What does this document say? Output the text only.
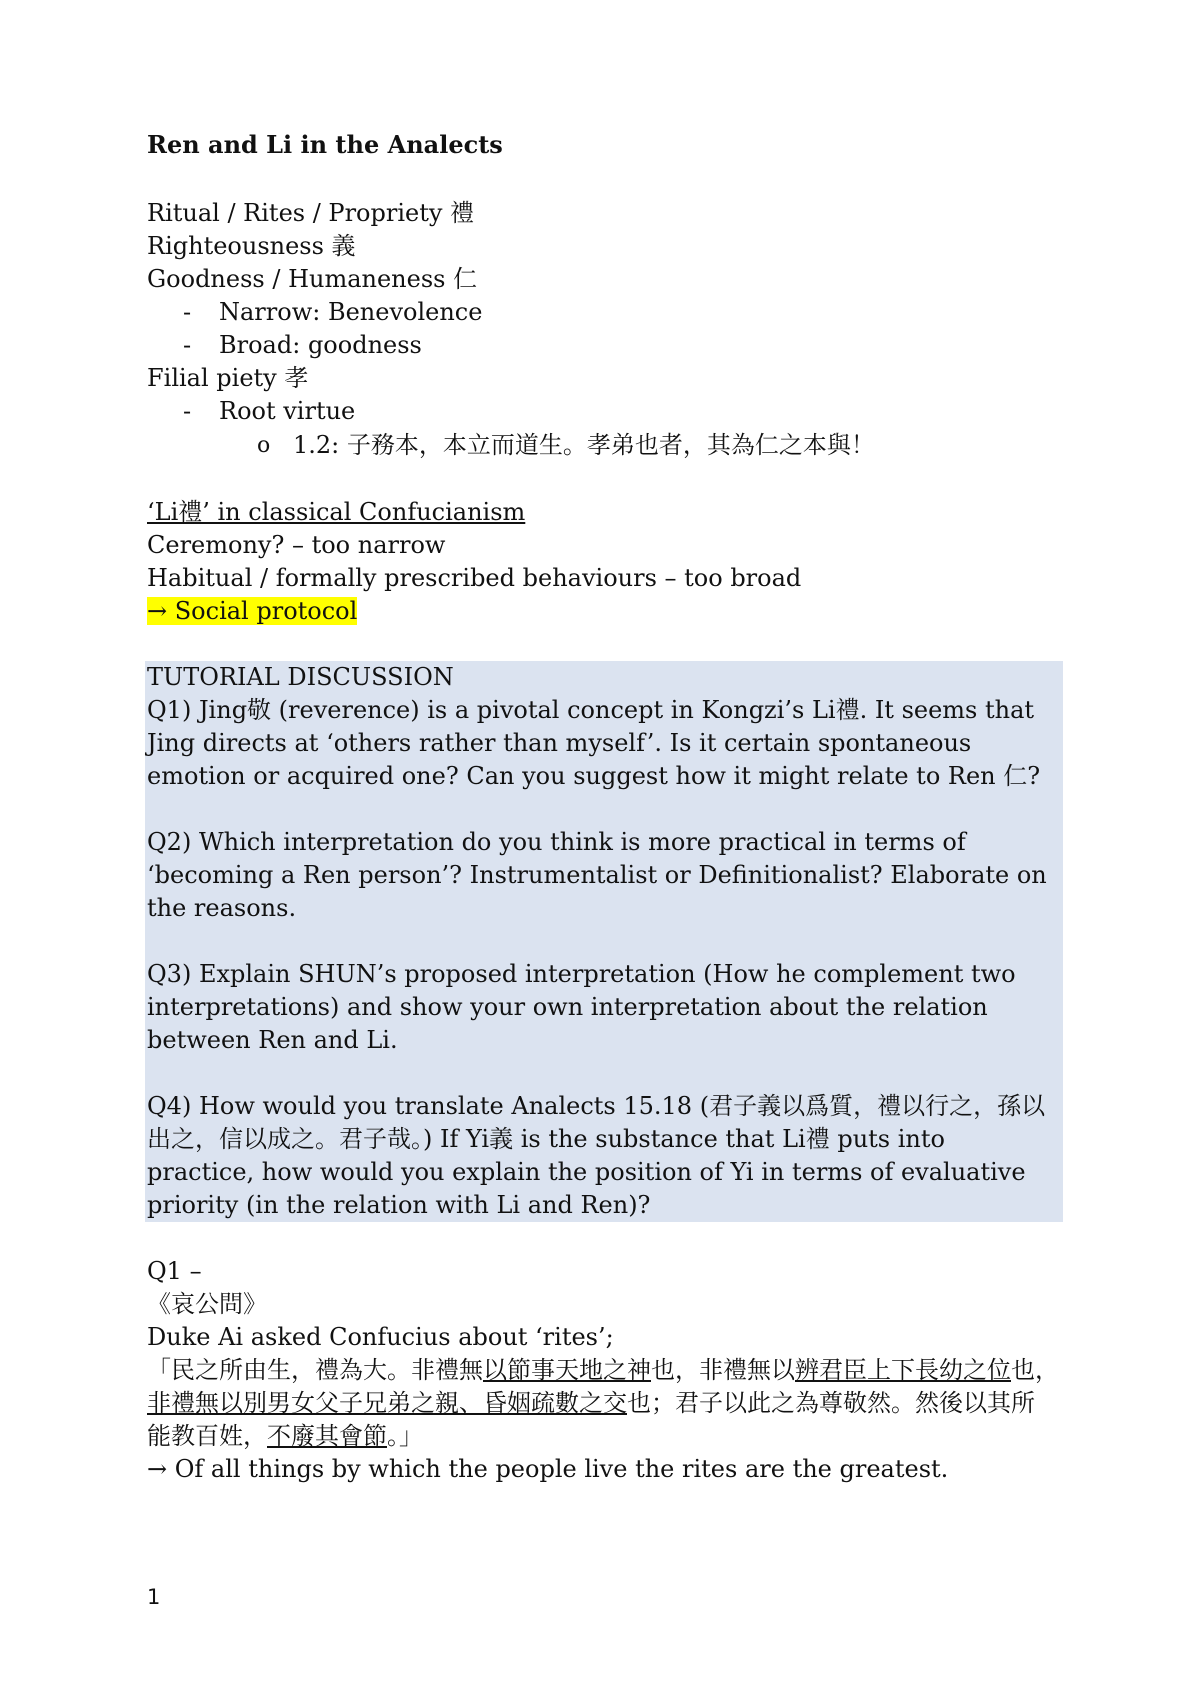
Ren and Li in the Analects
Ritual / Rites / Propriety 禮
Righteousness 義
Goodness / Humaneness 仁
- Narrow: Benevolence
- Broad: goodness
Filial piety 孝
- Root virtue
o 1.2: 子務本，本立而道生。孝弟也者，其為仁之本與！
‘Li禮’ in classical Confucianism
Ceremony? – too narrow
Habitual / formally prescribed behaviours – too broad
→ Social protocol
TUTORIAL DISCUSSION
Q1) Jing敬 (reverence) is a pivotal concept in Kongzi’s Li禮. It seems that
Jing directs at ‘others rather than myself’. Is it certain spontaneous
emotion or acquired one? Can you suggest how it might relate to Ren 仁?
Q2) Which interpretation do you think is more practical in terms of
‘becoming a Ren person’? Instrumentalist or Definitionalist? Elaborate on
the reasons.
Q3) Explain SHUN’s proposed interpretation (How he complement two
interpretations) and show your own interpretation about the relation
between Ren and Li.
Q4) How would you translate Analects 15.18 (君子義以爲質，禮以行之，孫以
出之，信以成之。君子哉。) If Yi義 is the substance that Li禮 puts into
practice, how would you explain the position of Yi in terms of evaluative
priority (in the relation with Li and Ren)?
Q1 –
《哀公問》
Duke Ai asked Confucius about ‘rites’;
「民之所由生，禮為大。非禮無以節事天地之神也，非禮無以辨君臣上下長幼之位也，
非禮無以別男女父子兄弟之親、昏姻疏數之交也；君子以此之為尊敬然。然後以其所
能教百姓，不廢其會節。」
→ Of all things by which the people live the rites are the greatest.
1
